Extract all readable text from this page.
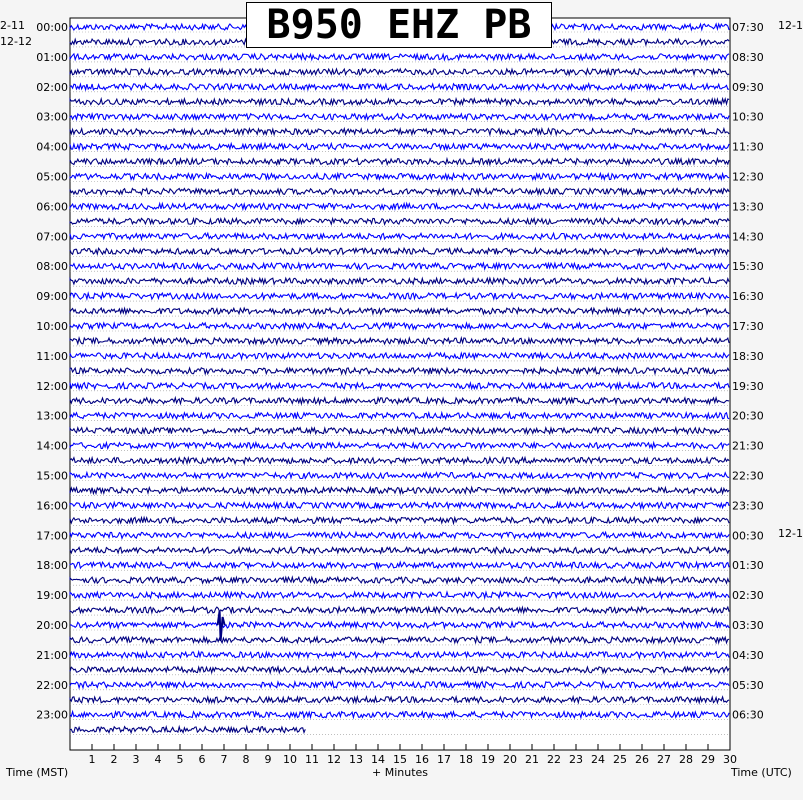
00:00
01:00
02:00
03:00
04:00
05:00
06:00
07:00
08:00
09:00
10:00
11:00
12:00
13:00
14:00
15:00
16:00
17:00
18:00
19:00
20:00
21:00
22:00
23:00
07:30
08:30
09:30
10:30
11:30
12:30
13:30
14:30
15:30
16:30
17:30
18:30
19:30
20:30
21:30
22:30
23:30
00:30
01:30
02:30
03:30
04:30
05:30
06:30
1 2 3 4 5 6 7 8 9 10 11 12 13 14 15 16 17 18 19 20 21 22 23 24 25 26 27 28 29 30
B950 EHZ PB
2-11
12-12
12-1
12-1
Time (MST)	+ Minutes	Time (UTC)
